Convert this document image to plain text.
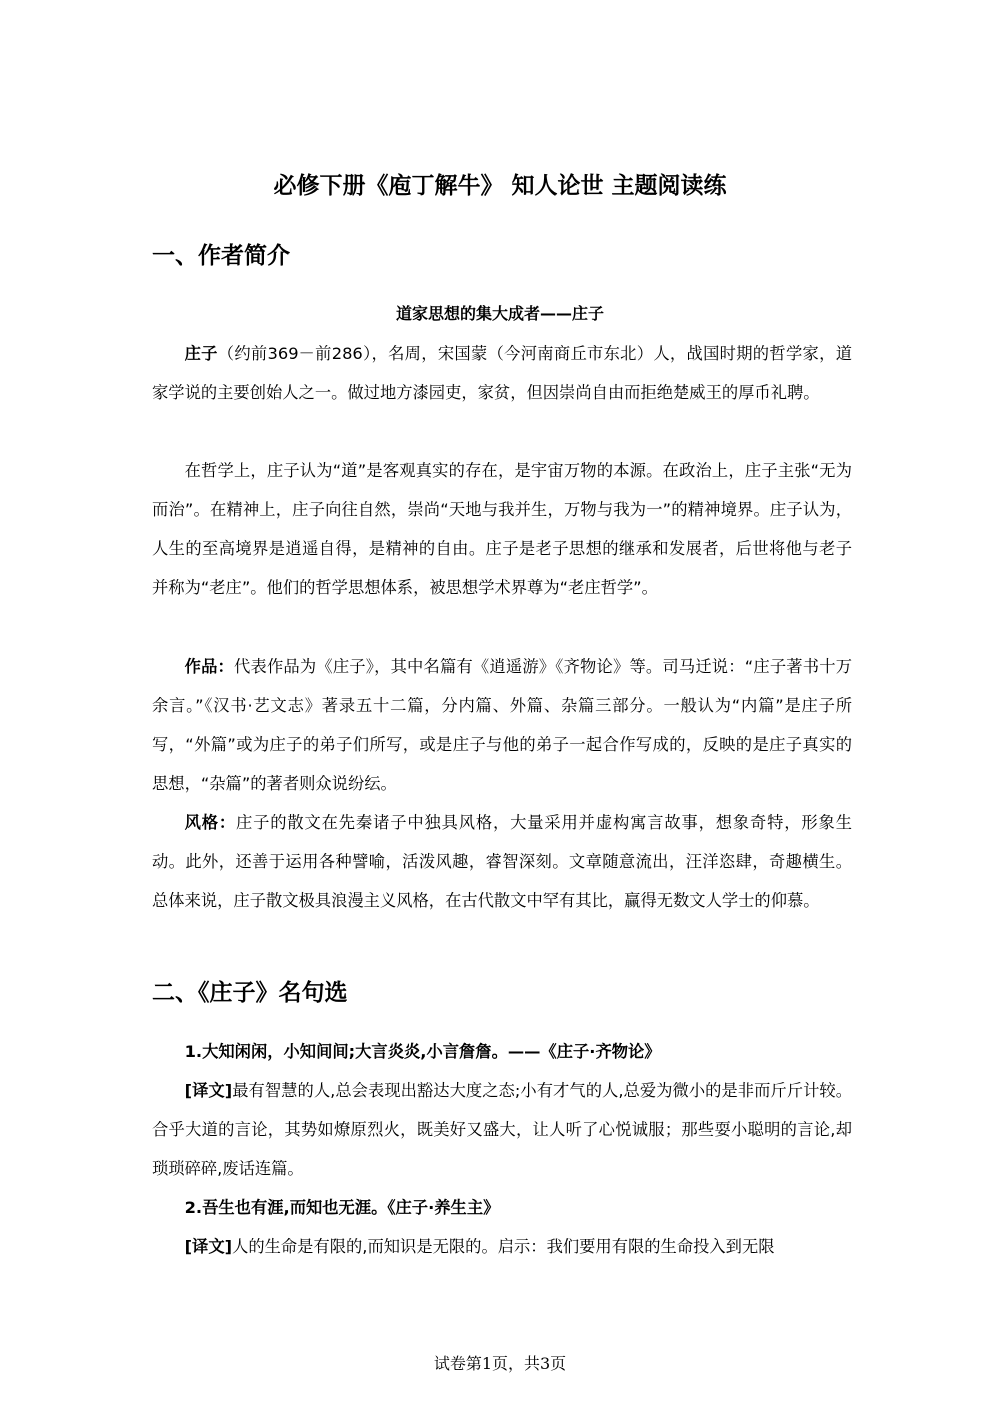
必修下册《庖丁解牛》 知人论世 主题阅读练
一、作者简介
道家思想的集大成者——庄子

庄子（约前369－前286），名周，宋国蒙（今河南商丘市东北）人，战国时期的哲学家，道家学说的主要创始人之一。做过地方漆园吏，家贫，但因崇尚自由而拒绝楚威王的厚币礼聘。

在哲学上，庄子认为“道”是客观真实的存在，是宇宙万物的本源。在政治上，庄子主张“无为而治”。在精神上，庄子向往自然，崇尚“天地与我并生，万物与我为一”的精神境界。庄子认为，人生的至高境界是逍遥自得，是精神的自由。庄子是老子思想的继承和发展者，后世将他与老子并称为“老庄”。他们的哲学思想体系，被思想学术界尊为“老庄哲学”。

作品：代表作品为《庄子》，其中名篇有《逍遥游》《齐物论》等。司马迁说：“庄子著书十万余言。”《汉书·艺文志》著录五十二篇，分内篇、外篇、杂篇三部分。一般认为“内篇”是庄子所写，“外篇”或为庄子的弟子们所写，或是庄子与他的弟子一起合作写成的，反映的是庄子真实的思想，“杂篇”的著者则众说纷纭。

风格：庄子的散文在先秦诸子中独具风格，大量采用并虚构寓言故事，想象奇特，形象生动。此外，还善于运用各种譬喻，活泼风趣，睿智深刻。文章随意流出，汪洋恣肆，奇趣横生。总体来说，庄子散文极具浪漫主义风格，在古代散文中罕有其比，赢得无数文人学士的仰慕。

二、《庄子》名句选

1.大知闲闲，小知间间;大言炎炎,小言詹詹。——《庄子·齐物论》

[译文]最有智慧的人,总会表现出豁达大度之态;小有才气的人,总爱为微小的是非而斤斤计较。合乎大道的言论，其势如燎原烈火，既美好又盛大，让人听了心悦诚服；那些耍小聪明的言论,却琐琐碎碎,废话连篇。

2.吾生也有涯,而知也无涯。《庄子·养生主》

[译文]人的生命是有限的,而知识是无限的。启示：我们要用有限的生命投入到无限

试卷第1页，共3页
